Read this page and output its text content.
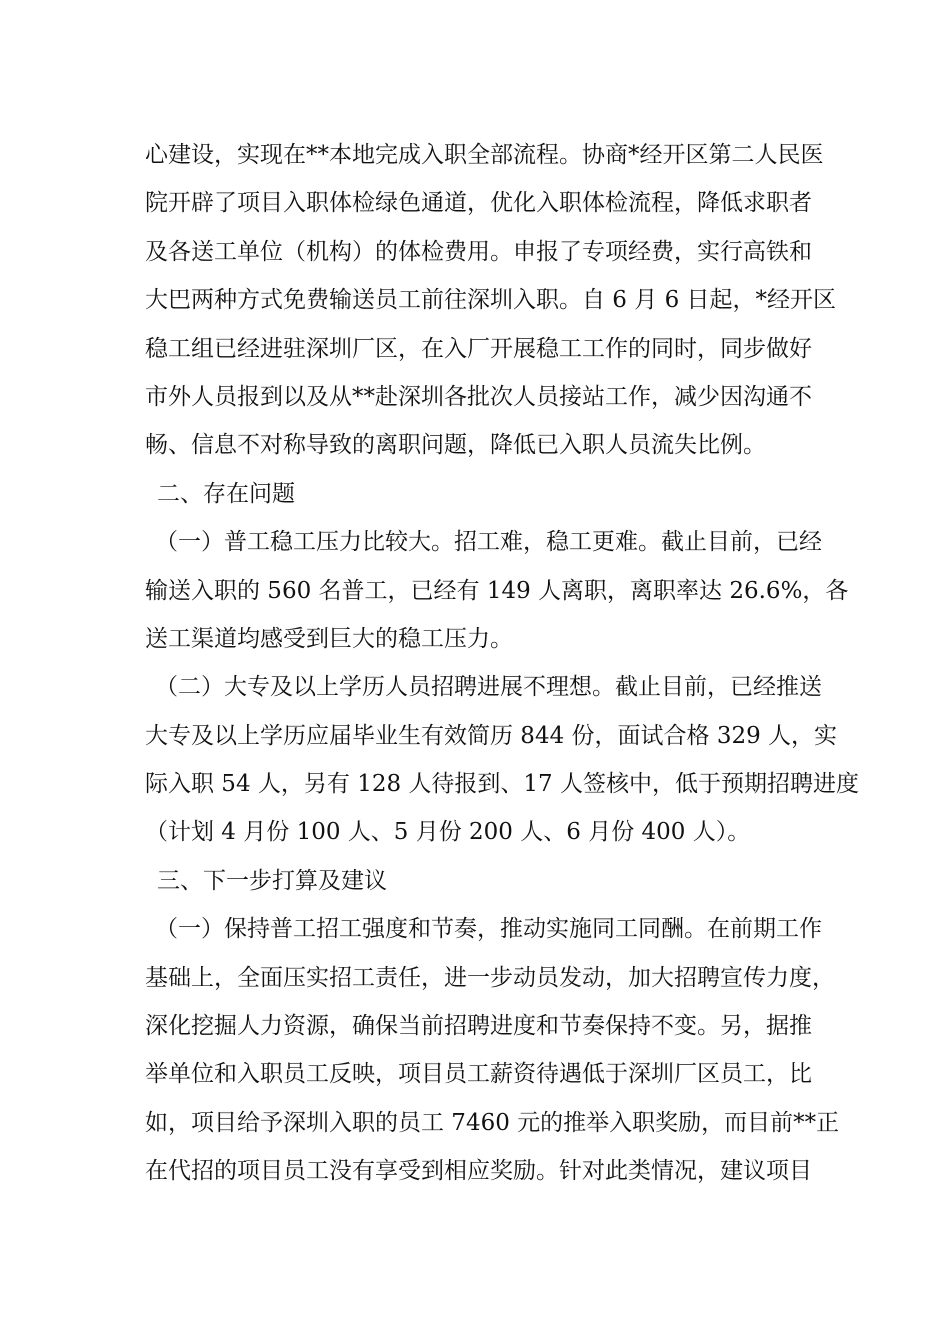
心建设，实现在**本地完成入职全部流程。协商*经开区第二人民医
院开辟了项目入职体检绿色通道，优化入职体检流程，降低求职者
及各送工单位（机构）的体检费用。申报了专项经费，实行高铁和
大巴两种方式免费输送员工前往深圳入职。自 6 月 6 日起，*经开区
稳工组已经进驻深圳厂区，在入厂开展稳工工作的同时，同步做好
市外人员报到以及从**赴深圳各批次人员接站工作，减少因沟通不
畅、信息不对称导致的离职问题，降低已入职人员流失比例。
二、存在问题
（一）普工稳工压力比较大。招工难，稳工更难。截止目前，已经
输送入职的 560 名普工，已经有 149 人离职，离职率达 26.6%，各
送工渠道均感受到巨大的稳工压力。
（二）大专及以上学历人员招聘进展不理想。截止目前，已经推送
大专及以上学历应届毕业生有效简历 844 份，面试合格 329 人，实
际入职 54 人，另有 128 人待报到、17 人签核中，低于预期招聘进度
（计划 4 月份 100 人、5 月份 200 人、6 月份 400 人）。
三、下一步打算及建议
（一）保持普工招工强度和节奏，推动实施同工同酬。在前期工作
基础上，全面压实招工责任，进一步动员发动，加大招聘宣传力度，
深化挖掘人力资源，确保当前招聘进度和节奏保持不变。另，据推
举单位和入职员工反映，项目员工薪资待遇低于深圳厂区员工，比
如，项目给予深圳入职的员工 7460 元的推举入职奖励，而目前**正
在代招的项目员工没有享受到相应奖励。针对此类情况，建议项目
